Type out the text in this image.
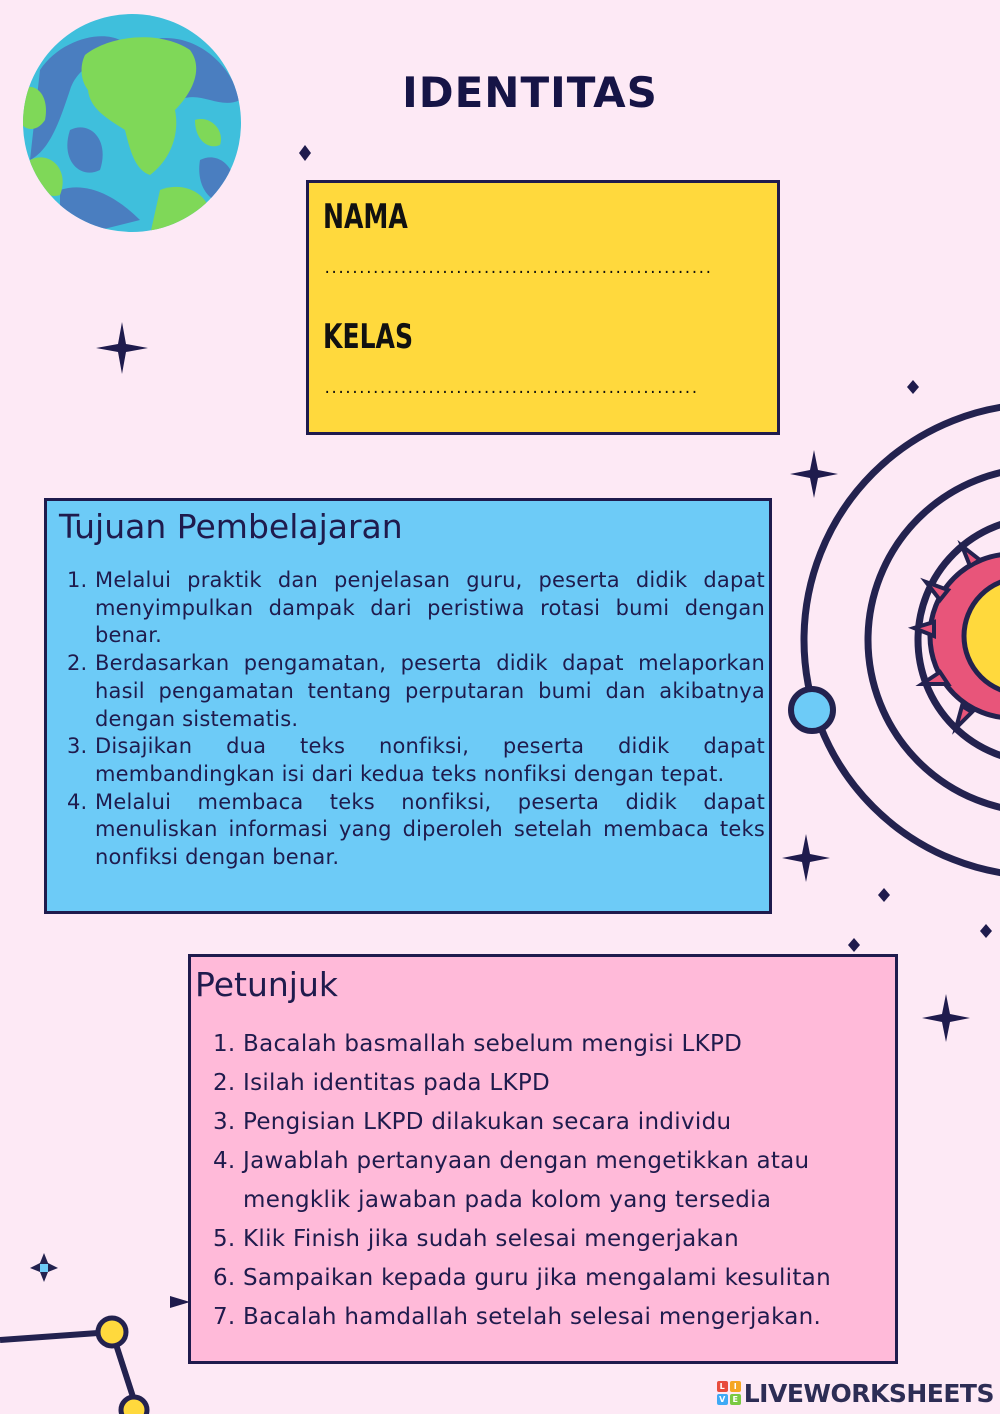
IDENTITAS
NAMA
........................................................
KELAS
......................................................
Tujuan Pembelajaran
1. Melalui praktik dan penjelasan guru, peserta didik dapat menyimpulkan dampak dari peristiwa rotasi bumi dengan benar.
2. Berdasarkan pengamatan, peserta didik dapat melaporkan hasil pengamatan tentang perputaran bumi dan akibatnya dengan sistematis.
3. Disajikan dua teks nonfiksi, peserta didik dapat membandingkan isi dari kedua teks nonfiksi dengan tepat.
4. Melalui membaca teks nonfiksi, peserta didik dapat menuliskan informasi yang diperoleh setelah membaca teks nonfiksi dengan benar.
Petunjuk
1. Bacalah basmallah sebelum mengisi LKPD
2. Isilah identitas pada LKPD
3. Pengisian LKPD dilakukan secara individu
4. Jawablah pertanyaan dengan mengetikkan atau mengklik jawaban pada kolom yang tersedia
5. Klik Finish jika sudah selesai mengerjakan
6. Sampaikan kepada guru jika mengalami kesulitan
7. Bacalah hamdallah setelah selesai mengerjakan.
L	I
V E LIVEWORKSHEETS
